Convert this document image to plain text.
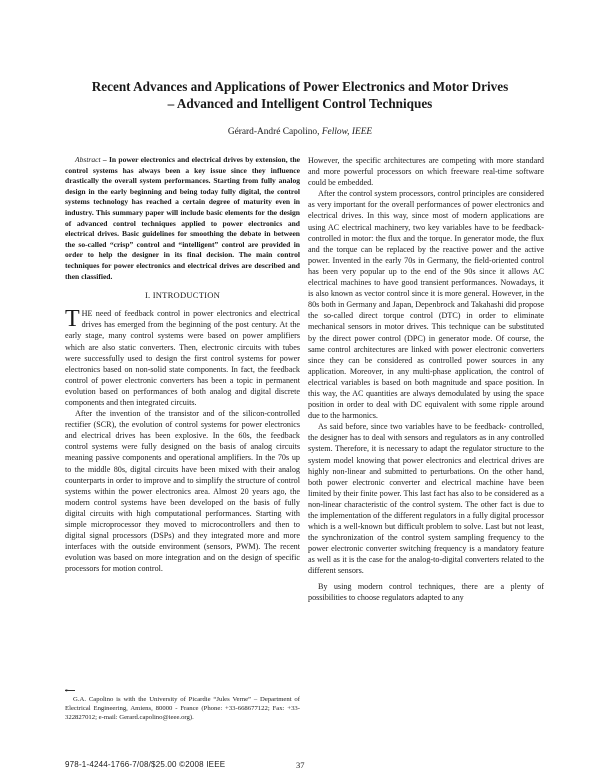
Recent Advances and Applications of Power Electronics and Motor Drives
– Advanced and Intelligent Control Techniques
Gérard-André Capolino, Fellow, IEEE

Abstract – In power electronics and electrical drives by extension, the control systems has always been a key issue since they influence drastically the overall system performances. Starting from fully analog design in the early beginning and being today fully digital, the control systems technology has reached a certain degree of maturity even in industry. This summary paper will include basic elements for the design of advanced control techniques applied to power electronics and electrical drives. Basic guidelines for smoothing the debate in between the so-called “crisp” control and “intelligent” control are provided in order to help the designer in its final decision. The main control techniques for power electronics and electrical drives are described and then classified.

I. INTRODUCTION

THE need of feedback control in power electronics and electrical drives has emerged from the beginning of the post century. At the early stage, many control systems were based on power amplifiers which are also static converters. Then, electronic circuits with tubes were successfully used to design the first control systems for power electronics based on non-solid state components. In fact, the feedback control of power electronic converters has been a topic in permanent evolution based on performances of both analog and digital discrete components and then integrated circuits.

After the invention of the transistor and of the silicon-controlled rectifier (SCR), the evolution of control systems for power electronics and electrical drives has been explosive. In the 60s, the feedback control systems were fully designed on the basis of analog circuits meaning passive components and operational amplifiers. In the 70s up to the middle 80s, digital circuits have been mixed with their analog counterparts in order to improve and to simplify the structure of control systems within the power electronics area. Almost 20 years ago, the modern control systems have been developed on the basis of fully digital circuits with high computational performances. Starting with simple microprocessor they moved to microcontrollers and then to digital signal processors (DSPs) and they integrated more and more interfaces with the outside environment (sensors, PWM). The recent evolution was based on more integration and on the design of specific processors for motion control.

However, the specific architectures are competing with more standard and more powerful processors on which freeware real-time software could be embedded.

After the control system processors, control principles are considered as very important for the overall performances of power electronics and electrical drives. In this way, since most of modern applications are using AC electrical machinery, two key variables have to be feedback-controlled in motor: the flux and the torque. In generator mode, the flux and the torque can be replaced by the reactive power and the active power. Invented in the early 70s in Germany, the field-oriented control has been very popular up to the end of the 90s since it allows AC electrical machines to have good transient performances. Nowadays, it is also known as vector control since it is more general. However, in the 80s both in Germany and Japan, Depenbrock and Takahashi did propose the so-called direct torque control (DTC) in order to eliminate mechanical sensors in motor drives. This technique can be substituted by the direct power control (DPC) in generator mode. Of course, the same control architectures are linked with power electronic converters since they can be considered as controlled power sources in any application. Moreover, in any multi-phase application, the control of electrical variables is based on both magnitude and space position. In this way, the AC quantities are always demodulated by using the space position in order to deal with DC equivalent with some ripple around due to the harmonics.

As said before, since two variables have to be feedback- controlled, the designer has to deal with sensors and regulators as in any controlled system. Therefore, it is necessary to adapt the regulator structure to the system model knowing that power electronics and electrical drives are highly non-linear and submitted to perturbations. On the other hand, both power electronic converter and electrical machine have been limited by their finite power. This last fact has also to be considered as a non-linear characteristic of the control system. The other fact is due to the implementation of the different regulators in a fully digital processor which is a well-known but difficult problem to solve. Last but not least, the synchronization of the control system sampling frequency to the power electronic converter switching frequency is a mandatory feature as well as it is the case for the analog-to-digital converters related to the different sensors.

By using modern control techniques, there are a plenty of possibilities to choose regulators adapted to any

*
G.A. Capolino is with the University of Picardie “Jules Verne” – Department of Electrical Engineering, Amiens, 80000 - France (Phone: +33-668677122; Fax: +33-322827012; e-mail: Gerard.capolino@ieee.org).
978-1-4244-1766-7/08/$25.00 ©2008 IEEE	37
